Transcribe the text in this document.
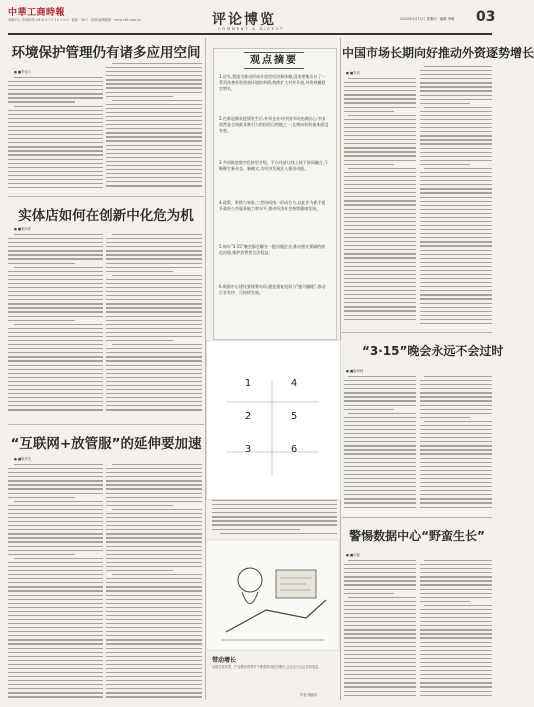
中華工商時報
采编中心 咨询热线 (010) 5·7 0 1 0 2 0 0 · 值班 · 58·1 · 投稿·编辑邮箱 · www.cbt.com.cn	评论博览
COMMENT & DIGEST
2020年3月12日 星期四 · 编辑 李娜 03
环境保护管理仍有诸多应用空间
■ ■李佳月
实体店如何在创新中化危为机
■ ■张向东
“互联网+放管服”的延伸要加速
■ ■陈庆先
观点摘要
1.近年,我国为推动形成开放型经济新体制,国家密集出台了一系列改善外资营商环境的举措,持续扩大对外开放,外资规模稳定增长。
2.在新冠肺炎疫情发生后,外资企业对中国市场充满信心,中国依然是全球最具吸引力的投资目的地之一,长期向好的基本面没有变。
3.共同推进数字化转型升级。平台经济让线上线下协同融合,不断催生新业态、新模式,为经济发展注入强劲动能。
4.政策、举措与效果,三者协同统一形成合力,以此作为抓手提升政府公共服务能力和水平,推动经济社会持续健康发展。
5.每年“3·15”晚会都会曝光一批问题企业,推动相关领域的规范治理,维护消费者合法权益。
6.数据中心建设要统筹布局,避免重复投资与“跑马圈地”,推动行业有序、可持续发展。
1	4
2	5
3	6
带动增长
从数字化转型、产业链协同等多个维度带动经济增长,让企业与社会共同受益。
作者 胡晓萍
中国市场长期向好推动外资逐势增长
■ ■李庆
“3·15”晚会永远不会过时
■ ■盘和林
警惕数据中心“野蛮生长”
■ ■宗振
